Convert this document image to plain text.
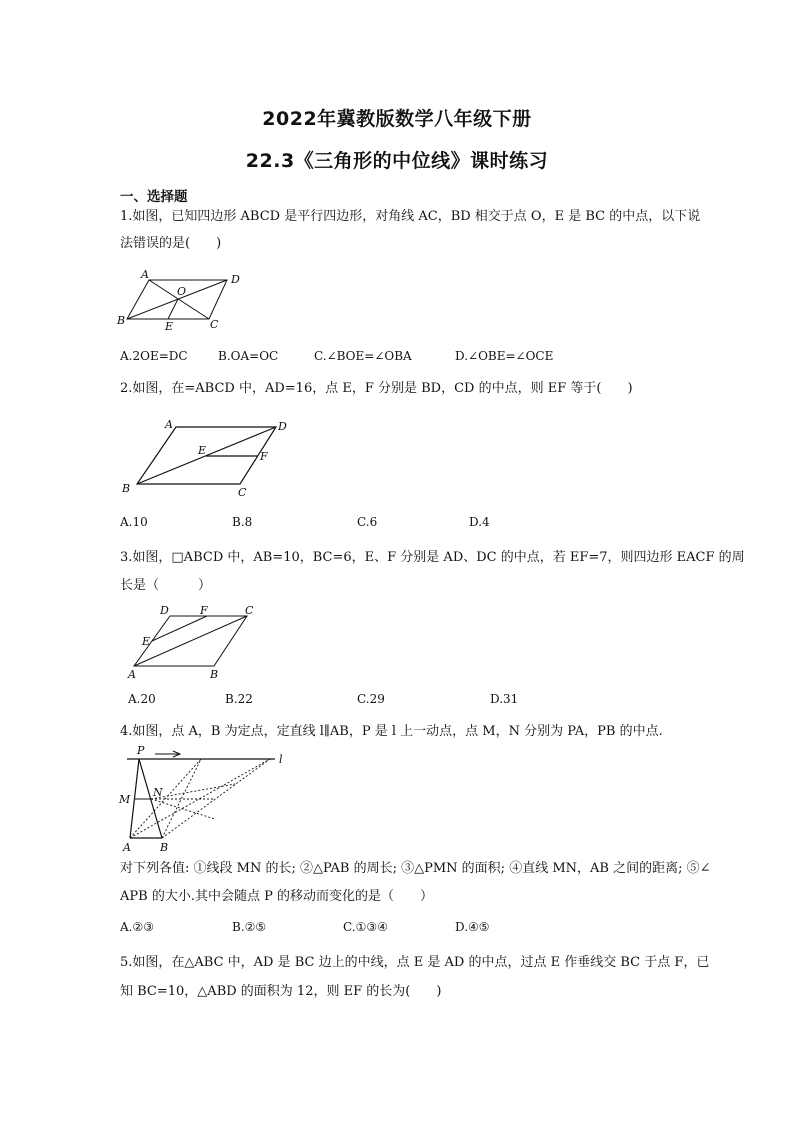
2022年冀教版数学八年级下册
22.3《三角形的中位线》课时练习
一、选择题
1.如图，已知四边形 ABCD 是平行四边形，对角线 AC，BD 相交于点 O，E 是 BC 的中点，以下说
法错误的是(　　)
A	D
B	C
O
E
A.2OE=DC	B.OA=OC	C.∠BOE=∠OBA	D.∠OBE=∠OCE
2.如图，在=ABCD 中，AD=16，点 E，F 分别是 BD，CD 的中点，则 EF 等于(　　)
A	D
B	C
E	F
A.10	B.8	C.6	D.4
3.如图，□ABCD 中，AB=10，BC=6，E、F 分别是 AD、DC 的中点，若 EF=7，则四边形 EACF 的周
长是（　　　）
D	F	C
E
A	B
A.20	B.22	C.29	D.31
4.如图，点 A，B 为定点，定直线 l∥AB，P 是 l 上一动点，点 M，N 分别为 PA，PB 的中点.
P
l
M
N
A	B
对下列各值: ①线段 MN 的长; ②△PAB 的周长; ③△PMN 的面积; ④直线 MN，AB 之间的距离; ⑤∠
APB 的大小.其中会随点 P 的移动而变化的是（　　）
A.②③	B.②⑤	C.①③④	D.④⑤
5.如图，在△ABC 中，AD 是 BC 边上的中线，点 E 是 AD 的中点，过点 E 作垂线交 BC 于点 F，已
知 BC=10，△ABD 的面积为 12，则 EF 的长为(　　)
